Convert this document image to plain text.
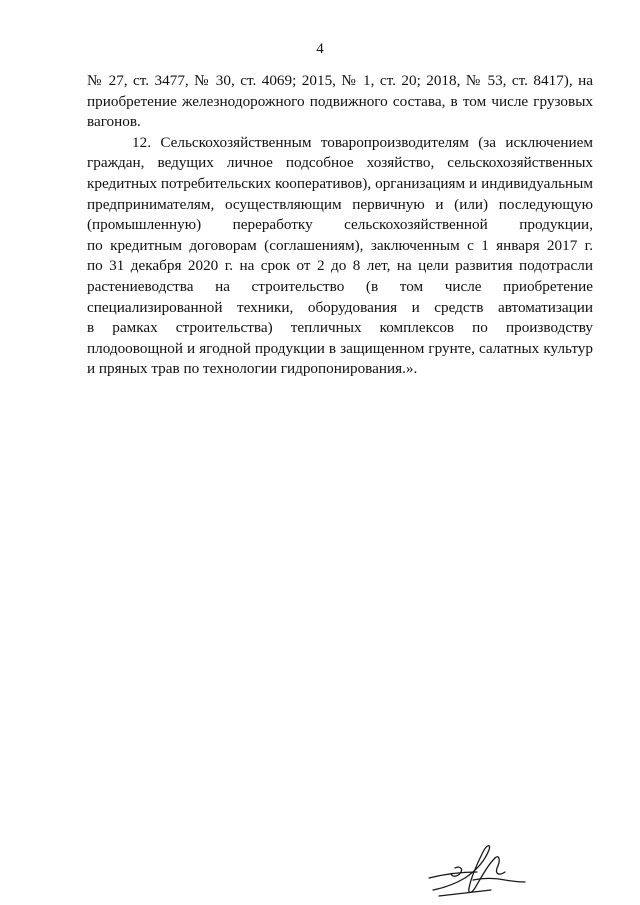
4
№ 27, ст. 3477, № 30, ст. 4069; 2015, № 1, ст. 20; 2018, № 53, ст. 8417), на
приобретение железнодорожного подвижного состава, в том числе грузовых
вагонов.
12. Сельскохозяйственным товаропроизводителям (за исключением
граждан, ведущих личное подсобное хозяйство, сельскохозяйственных
кредитных потребительских кооперативов), организациям и индивидуальным
предпринимателям, осуществляющим первичную и (или) последующую
(промышленную) переработку сельскохозяйственной продукции,
по кредитным договорам (соглашениям), заключенным с 1 января 2017 г.
по 31 декабря 2020 г. на срок от 2 до 8 лет, на цели развития подотрасли
растениеводства на строительство (в том числе приобретение
специализированной техники, оборудования и средств автоматизации
в рамках строительства) тепличных комплексов по производству
плодоовощной и ягодной продукции в защищенном грунте, салатных культур
и пряных трав по технологии гидропонирования.».
